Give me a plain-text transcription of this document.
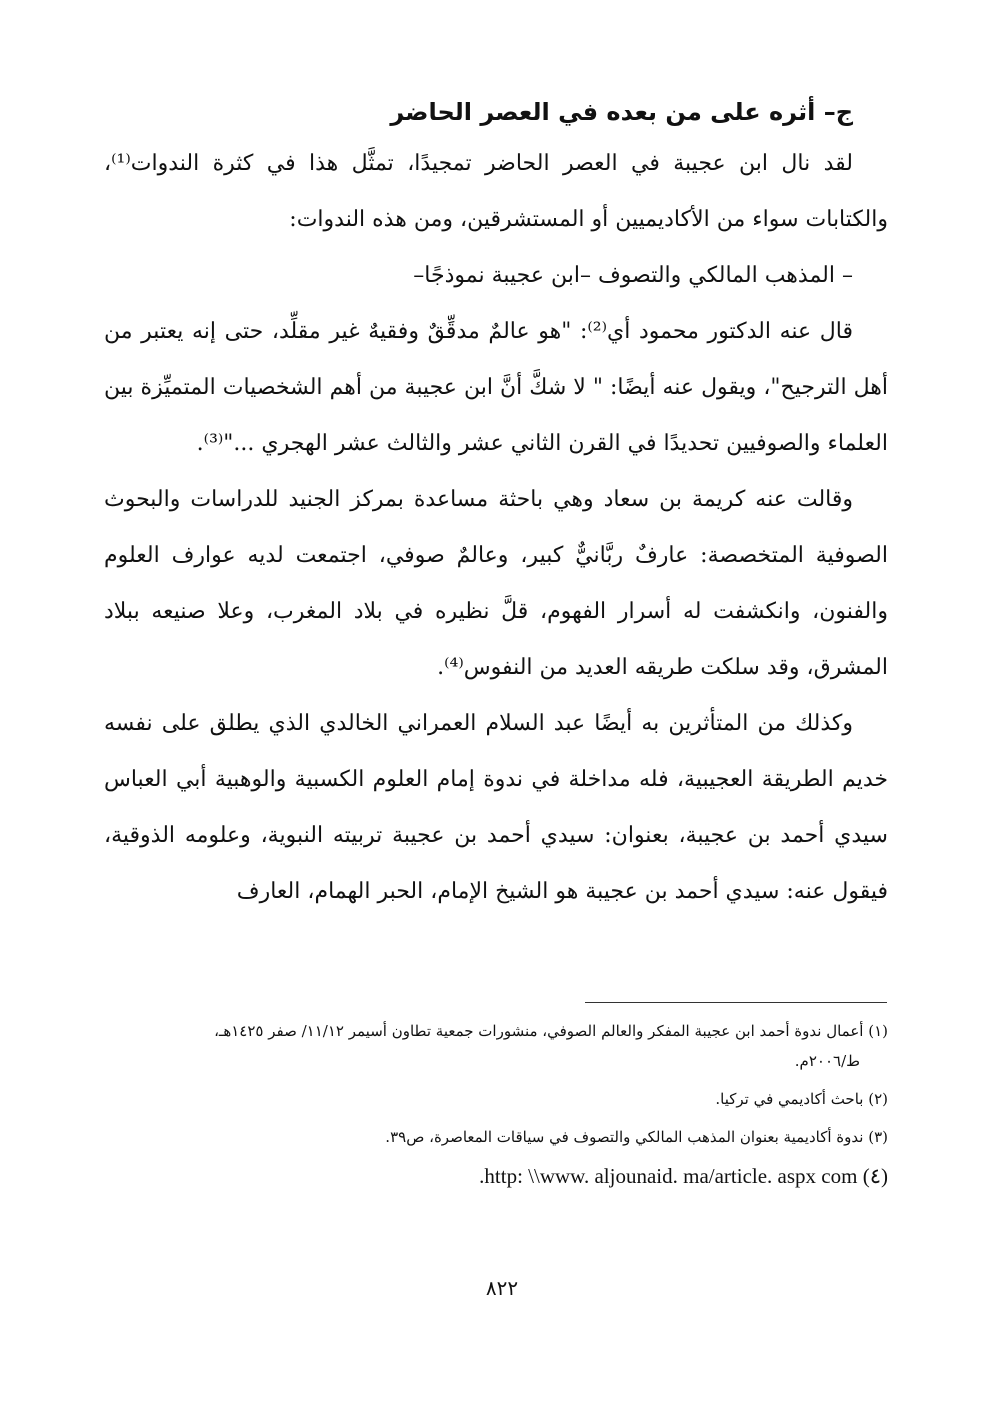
ج– أثره على من بعده في العصر الحاضر

لقد نال ابن عجيبة في العصر الحاضر تمجيدًا، تمثَّل هذا في كثرة الندوات⁽¹⁾، والكتابات سواء من الأكاديميين أو المستشرقين، ومن هذه الندوات:

– المذهب المالكي والتصوف –ابن عجيبة نموذجًا–

قال عنه الدكتور محمود أي⁽²⁾: "هو عالمٌ مدقِّقٌ وفقيهٌ غير مقلِّد، حتى إنه يعتبر من أهل الترجيح"، ويقول عنه أيضًا: " لا شكَّ أنَّ ابن عجيبة من أهم الشخصيات المتميِّزة بين العلماء والصوفيين تحديدًا في القرن الثاني عشر والثالث عشر الهجري ..."⁽³⁾.

وقالت عنه كريمة بن سعاد وهي باحثة مساعدة بمركز الجنيد للدراسات والبحوث الصوفية المتخصصة: عارفٌ ربَّانيٌّ كبير، وعالمٌ صوفي، اجتمعت لديه عوارف العلوم والفنون، وانكشفت له أسرار الفهوم، قلَّ نظيره في بلاد المغرب، وعلا صنيعه ببلاد المشرق، وقد سلكت طريقه العديد من النفوس⁽⁴⁾.

وكذلك من المتأثرين به أيضًا عبد السلام العمراني الخالدي الذي يطلق على نفسه خديم الطريقة العجيبية، فله مداخلة في ندوة إمام العلوم الكسبية والوهبية أبي العباس سيدي أحمد بن عجيبة، بعنوان: سيدي أحمد بن عجيبة تربيته النبوية، وعلومه الذوقية، فيقول عنه: سيدي أحمد بن عجيبة هو الشيخ الإمام، الحبر الهمام، العارف

(١) أعمال ندوة أحمد ابن عجيبة المفكر والعالم الصوفي، منشورات جمعية تطاون أسيمر ١١/١٢/ صفر ١٤٢٥هـ،
ط/٢٠٠٦م.

(٢) باحث أكاديمي في تركيا.

(٣) ندوة أكاديمية بعنوان المذهب المالكي والتصوف في سياقات المعاصرة، ص٣٩.

(٤) .http: \\www. aljounaid. ma/article. aspx com

٨٢٢
